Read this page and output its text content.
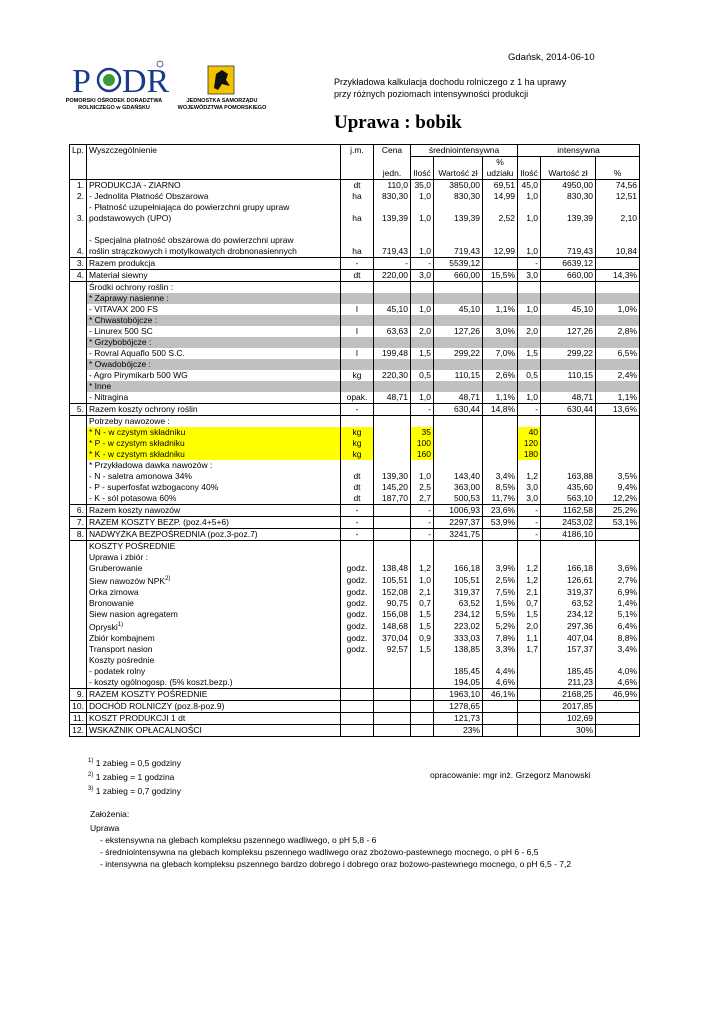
Gdańsk, 2014-06-10
P DR
POMORSKI OŚRODEK DORADZTWA ROLNICZEGO w GDAŃSKU
JEDNOSTKA SAMORZĄDU WOJEWÓDZTWA POMORSKIEGO
Przykładowa kalkulacja dochodu rolniczego z 1 ha uprawy
przy różnych poziomach intensywności produkcji
Uprawa : bobik
Lp.	Wyszczególnienie	j.m.	Cena	średniointensywna			intensywna		
						%			
			jedn.	Ilość	Wartość zł	udziału	Ilość	Wartość zł	%
1.	PRODUKCJA - ZIARNO	dt	110,0	35,0	3850,00	69,51	45,0	4950,00	74,56
2.	- Jednolita Płatność Obszarowa	ha	830,30	1,0	830,30	14,99	1,0	830,30	12,51
	- Płatność uzupełniająca do powierzchni grupy upraw								
3.	podstawowych (UPO)	ha	139,39	1,0	139,39	2,52	1,0	139,39	2,10

	- Specjalna płatność obszarowa do powierzchni upraw								
4.	roślin strączkowych i motylkowatych drobnonasiennych	ha	719,43	1,0	719,43	12,99	1,0	719,43	10,84
3.	Razem produkcja	-	-	-	5539,12		-	6639,12	
4.	Materiał siewny	dt	220,00	3,0	660,00	15,5%	3,0	660,00	14,3%
	Środki ochrony roślin :								
	* Zaprawy nasienne :								
	- VITAVAX 200 FS	l	45,10	1,0	45,10	1,1%	1,0	45,10	1,0%
	* Chwastobójcze :								
	- Linurex 500 SC	l	63,63	2,0	127,26	3,0%	2,0	127,26	2,8%
	* Grzybobójcze :								
	- Rovral Aquaflo 500 S.C.	l	199,48	1,5	299,22	7,0%	1,5	299,22	6,5%
	* Owadobójcze :								
	- Agro Pirymikarb 500 WG	kg	220,30	0,5	110,15	2,6%	0,5	110,15	2,4%
	* Inne								
	- Nitragina	opak.	48,71	1,0	48,71	1,1%	1,0	48,71	1,1%
5.	Razem koszty ochrony roślin	-		-	630,44	14,8%	-	630,44	13,6%
	Potrzeby nawozowe :								
	* N - w czystym składniku	kg		35			40		
	* P - w czystym składniku	kg		100			120		
	* K - w czystym składniku	kg		160			180		
	* Przykładowa dawka nawozów :								
	- N - saletra amonowa 34%	dt	139,30	1,0	143,40	3,4%	1,2	163,88	3,5%
	- P - superfosfat wzbogacony 40%	dt	145,20	2,5	363,00	8,5%	3,0	435,60	9,4%
	- K - sól potasowa 60%	dt	187,70	2,7	500,53	11,7%	3,0	563,10	12,2%
6.	Razem koszty nawozów	-		-	1006,93	23,6%	-	1162,58	25,2%
7.	RAZEM KOSZTY BEZP. (poz.4+5+6)	-		-	2297,37	53,9%	-	2453,02	53,1%
8.	NADWYŻKA BEZPOŚREDNIA (poz.3-poz.7)	-		-	3241,75		-	4186,10	
	KOSZTY POŚREDNIE								
	Uprawa i zbiór :								
	Gruberowanie	godz.	138,48	1,2	166,18	3,9%	1,2	166,18	3,6%
	Siew nawozów NPK$^{2)}$	godz.	105,51	1,0	105,51	2,5%	1,2	126,61	2,7%
	Orka zimowa	godz.	152,08	2,1	319,37	7,5%	2,1	319,37	6,9%
	Bronowanie	godz.	90,75	0,7	63,52	1,5%	0,7	63,52	1,4%
	Siew nasion agregatem	godz.	156,08	1,5	234,12	5,5%	1,5	234,12	5,1%
	Opryski$^{1)}$	godz.	148,68	1,5	223,02	5,2%	2,0	297,36	6,4%
	Zbiór kombajnem	godz.	370,04	0,9	333,03	7,8%	1,1	407,04	8,8%
	Transport nasion	godz.	92,57	1,5	138,85	3,3%	1,7	157,37	3,4%
	Koszty pośrednie								
	- podatek rolny				185,45	4,4%		185,45	4,0%
	- koszty ogólnogosp. (5% koszt.bezp.)				194,05	4,6%		211,23	4,6%
9.	RAZEM KOSZTY POŚREDNIE				1963,10	46,1%		2168,25	46,9%
10.	DOCHÓD ROLNICZY (poz.8-poz.9)				1278,65			2017,85	
11.	KOSZT PRODUKCJI 1 dt				121,73			102,69	
12.	WSKAŹNIK OPŁACALNOŚCI				23%			30%	
$^{1)}$ 1 zabieg = 0,5 godziny
$^{2)}$ 1 zabieg = 1 godzina
$^{3)}$ 1 zabieg = 0,7 godziny
opracowanie: mgr inż. Grzegorz Manowski
Założenia:
Uprawa
- ekstensywna na glebach kompleksu pszennego wadliwego, o pH 5,8 - 6
- średniointensywna na glebach kompleksu pszennego wadliwego oraz zbożowo-pastewnego mocnego, o pH 6 - 6,5
- intensywna na glebach kompleksu pszennego bardzo dobrego i dobrego oraz bożowo-pastewnego mocnego, o pH 6,5 - 7,2
